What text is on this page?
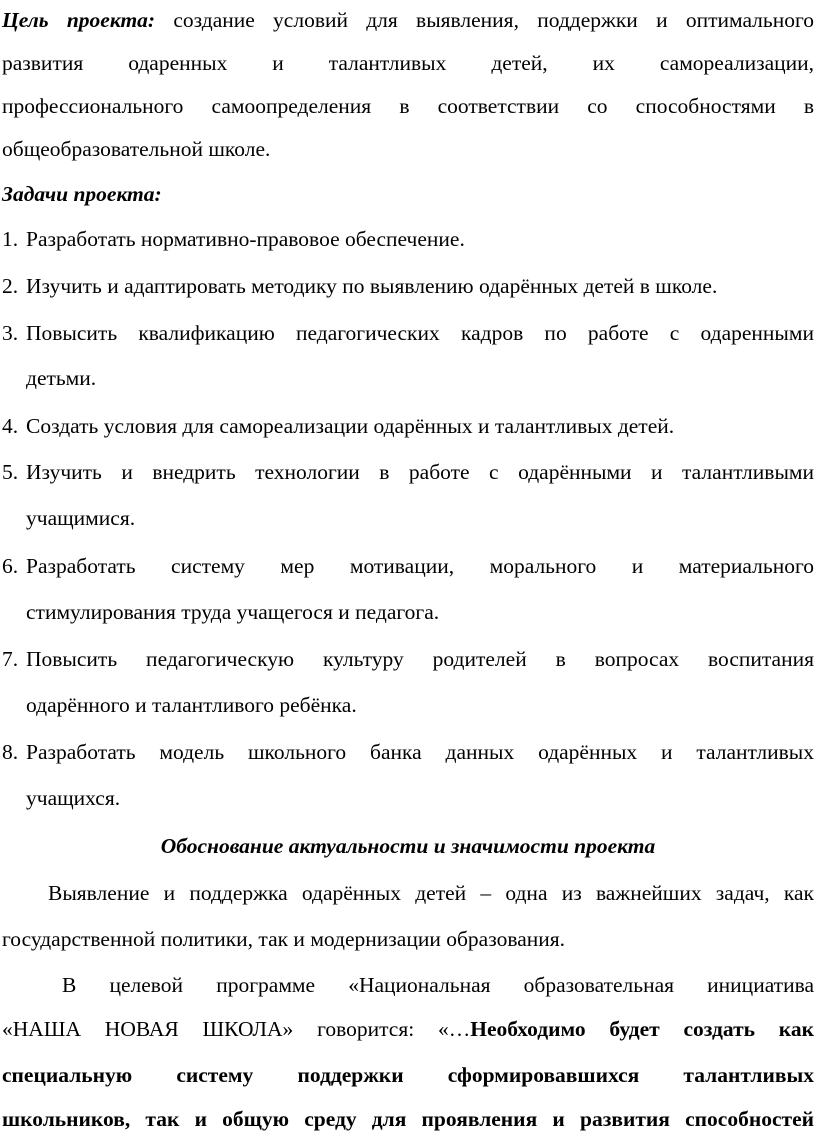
Цель проекта: создание условий для выявления, поддержки и оптимального
развития одаренных и талантливых детей, их самореализации,
профессионального самоопределения в соответствии со способностями в
общеобразовательной школе.
Задачи проекта:
1. Разработать нормативно-правовое обеспечение.
2. Изучить и адаптировать методику по выявлению одарённых детей в школе.
3. Повысить квалификацию педагогических кадров по работе с одаренными
детьми.
4. Создать условия для самореализации одарённых и талантливых детей.
5. Изучить и внедрить технологии в работе с одарёнными и талантливыми
учащимися.
6. Разработать систему мер мотивации, морального и материального
стимулирования труда учащегося и педагога.
7. Повысить педагогическую культуру родителей в вопросах воспитания
одарённого и талантливого ребёнка.
8. Разработать модель школьного банка данных одарённых и талантливых
учащихся.
Обоснование актуальности и значимости проекта
Выявление и поддержка одарённых детей – одна из важнейших задач, как
государственной политики, так и модернизации образования.
В целевой программе «Национальная образовательная инициатива
«НАША НОВАЯ ШКОЛА» говорится: «…Необходимо будет создать как
специальную систему поддержки сформировавшихся талантливых
школьников, так и общую среду для проявления и развития способностей
